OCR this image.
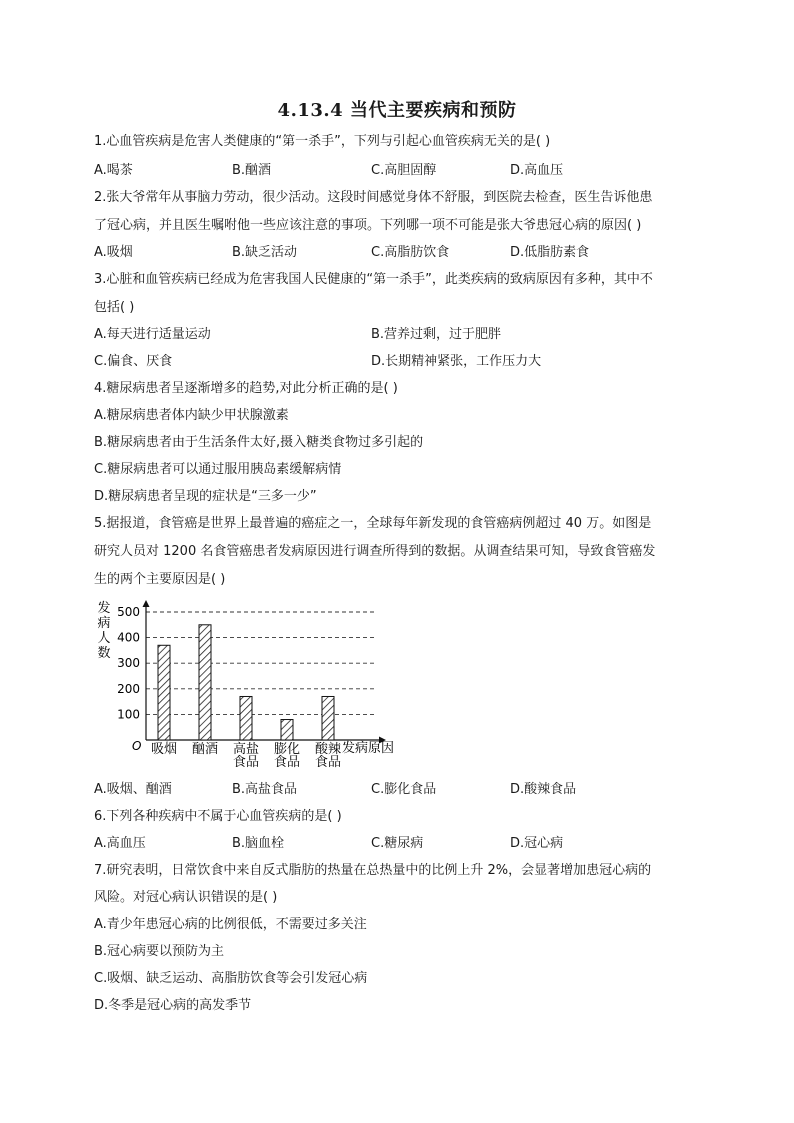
4.13.4 当代主要疾病和预防
1.心血管疾病是危害人类健康的“第一杀手”，下列与引起心血管疾病无关的是( )
A.喝茶	B.酗酒	C.高胆固醇	D.高血压
2.张大爷常年从事脑力劳动，很少活动。这段时间感觉身体不舒服，到医院去检查，医生告诉他患
了冠心病，并且医生嘱咐他一些应该注意的事项。下列哪一项不可能是张大爷患冠心病的原因( )
A.吸烟	B.缺乏活动	C.高脂肪饮食	D.低脂肪素食
3.心脏和血管疾病已经成为危害我国人民健康的“第一杀手”，此类疾病的致病原因有多种，其中不
包括( )
A.每天进行适量运动	B.营养过剩，过于肥胖
C.偏食、厌食	D.长期精神紧张，工作压力大
4.糖尿病患者呈逐渐增多的趋势,对此分析正确的是( )
A.糖尿病患者体内缺少甲状腺激素
B.糖尿病患者由于生活条件太好,摄入糖类食物过多引起的
C.糖尿病患者可以通过服用胰岛素缓解病情
D.糖尿病患者呈现的症状是“三多一少”
5.据报道，食管癌是世界上最普遍的癌症之一，全球每年新发现的食管癌病例超过 40 万。如图是
研究人员对 1200 名食管癌患者发病原因进行调查所得到的数据。从调查结果可知，导致食管癌发
生的两个主要原因是( )
100
200
300
400
500
发
病
人
数
O	发病原因
吸烟 酗酒 高盐
食品
膨化
食品
酸辣
食品
A.吸烟、酗酒	B.高盐食品	C.膨化食品	D.酸辣食品
6.下列各种疾病中不属于心血管疾病的是( )
A.高血压	B.脑血栓	C.糖尿病	D.冠心病
7.研究表明，日常饮食中来自反式脂肪的热量在总热量中的比例上升 2%，会显著增加患冠心病的
风险。对冠心病认识错误的是( )
A.青少年患冠心病的比例很低，不需要过多关注
B.冠心病要以预防为主
C.吸烟、缺乏运动、高脂肪饮食等会引发冠心病
D.冬季是冠心病的高发季节
